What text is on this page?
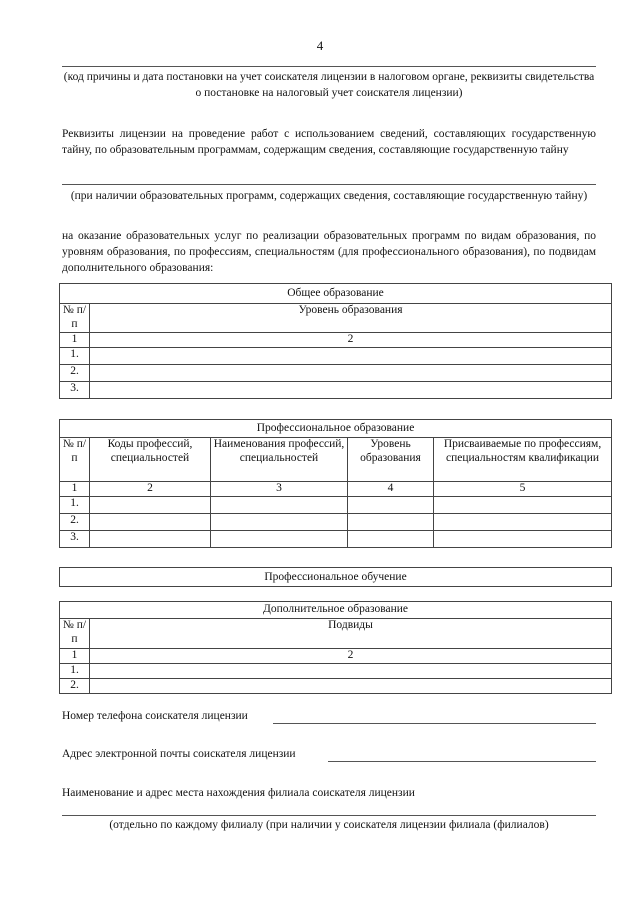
4
(код причины и дата постановки на учет соискателя лицензии в налоговом органе, реквизиты свидетельства о постановке на налоговый учет соискателя лицензии)
Реквизиты лицензии на проведение работ с использованием сведений, составляющих государственную тайну, по образовательным программам, содержащим сведения, составляющие государственную тайну
(при наличии образовательных программ, содержащих сведения, составляющие государственную тайну)
на оказание образовательных услуг по реализации образовательных программ по видам образования, по уровням образования, по профессиям, специальностям (для профессионального образования), по подвидам дополнительного образования:
Общее образование	
№ п/п	Уровень образования
1	2
1.	
2.	
3.	
Профессиональное образование				
№ п/п	Коды профессий, специальностей	Наименования профессий, специальностей	Уровень образования	Присваиваемые по профессиям, специальностям квалификации
1	2	3	4	5
1.				
2.				
3.				
Профессиональное обучение
Дополнительное образование	
№ п/п	Подвиды
1	2
1.	
2.	
Номер телефона соискателя лицензии
Адрес электронной почты соискателя лицензии
Наименование и адрес места нахождения филиала соискателя лицензии
(отдельно по каждому филиалу (при наличии у соискателя лицензии филиала (филиалов)
